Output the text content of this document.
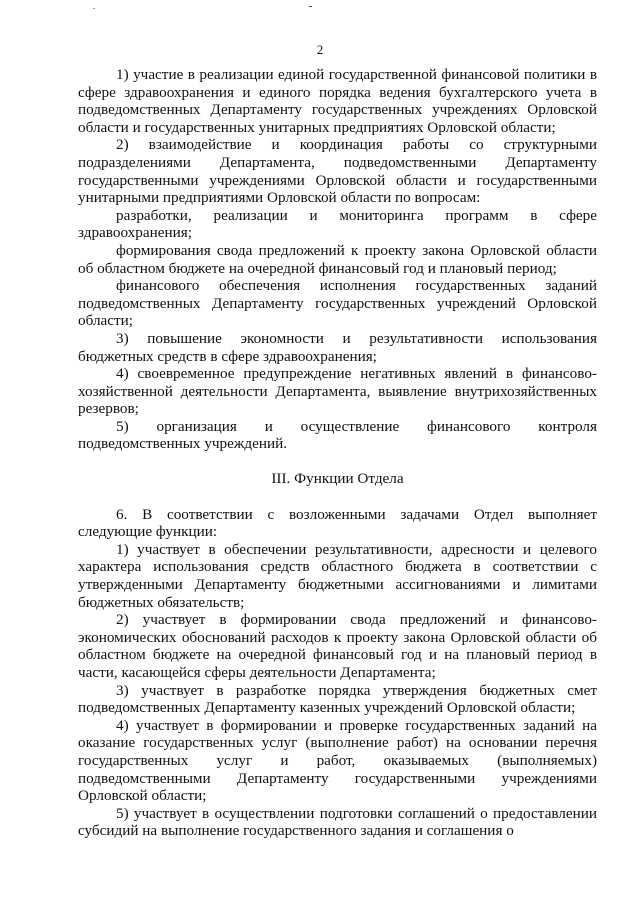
2

1) участие в реализации единой государственной финансовой политики в сфере здравоохранения и единого порядка ведения бухгалтерского учета в подведомственных Департаменту государственных учреждениях Орловской области и государственных унитарных предприятиях Орловской области;

2) взаимодействие и координация работы со структурными подразделениями Департамента, подведомственными Департаменту государственными учреждениями Орловской области и государственными унитарными предприятиями Орловской области по вопросам:

разработки, реализации и мониторинга программ в сфере здравоохранения;

формирования свода предложений к проекту закона Орловской области об областном бюджете на очередной финансовый год и плановый период;

финансового обеспечения исполнения государственных заданий подведомственных Департаменту государственных учреждений Орловской области;

3) повышение экономности и результативности использования бюджетных средств в сфере здравоохранения;

4) своевременное предупреждение негативных явлений в финансово-хозяйственной деятельности Департамента, выявление внутрихозяйственных резервов;

5) организация и осуществление финансового контроля подведомственных учреждений.

III. Функции Отдела

6. В соответствии с возложенными задачами Отдел выполняет следующие функции:

1) участвует в обеспечении результативности, адресности и целевого характера использования средств областного бюджета в соответствии с утвержденными Департаменту бюджетными ассигнованиями и лимитами бюджетных обязательств;

2) участвует в формировании свода предложений и финансово-экономических обоснований расходов к проекту закона Орловской области об областном бюджете на очередной финансовый год и на плановый период в части, касающейся сферы деятельности Департамента;

3) участвует в разработке порядка утверждения бюджетных смет подведомственных Департаменту казенных учреждений Орловской области;

4) участвует в формировании и проверке государственных заданий на оказание государственных услуг (выполнение работ) на основании перечня государственных услуг и работ, оказываемых (выполняемых) подведомственными Департаменту государственными учреждениями Орловской области;

5) участвует в осуществлении подготовки соглашений о предоставлении субсидий на выполнение государственного задания и соглашения о
